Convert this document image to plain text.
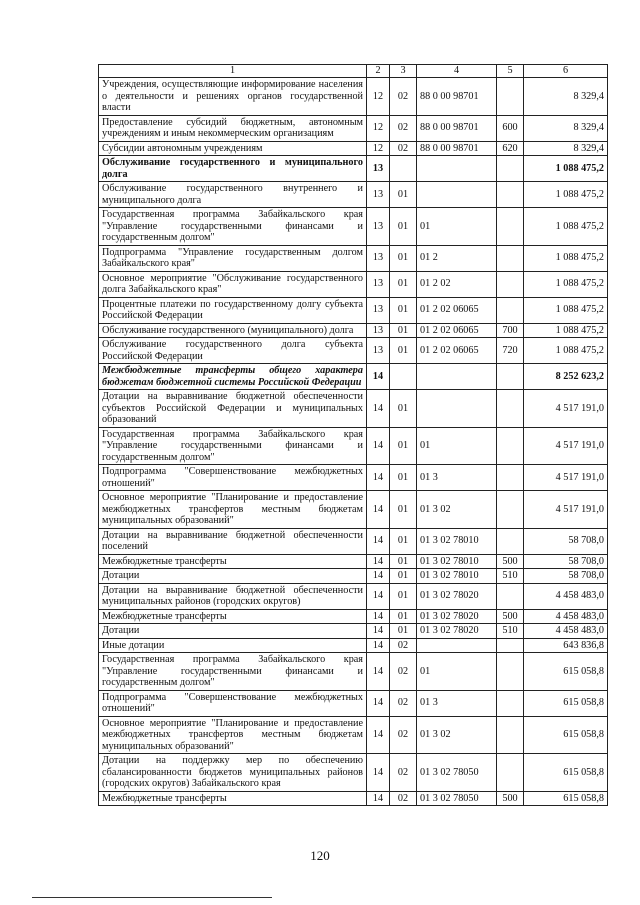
1	2	3	4	5	6
Учреждения, осуществляющие информирование населения о деятельности и решениях органов государственной власти	12	02	88 0 00 98701		8 329,4
Предоставление субсидий бюджетным, автономным учреждениям и иным некоммерческим организациям	12	02	88 0 00 98701	600	8 329,4
Субсидии автономным учреждениям	12	02	88 0 00 98701	620	8 329,4
Обслуживание государственного и муниципального долга	13				1 088 475,2
Обслуживание государственного внутреннего и муниципального долга	13	01			1 088 475,2
Государственная программа Забайкальского края "Управление государственными финансами и государственным долгом"	13	01	01		1 088 475,2
Подпрограмма "Управление государственным долгом Забайкальского края"	13	01	01 2		1 088 475,2
Основное мероприятие "Обслуживание государственного долга Забайкальского края"	13	01	01 2 02		1 088 475,2
Процентные платежи по государственному долгу субъекта Российской Федерации	13	01	01 2 02 06065		1 088 475,2
Обслуживание государственного (муниципального) долга	13	01	01 2 02 06065	700	1 088 475,2
Обслуживание государственного долга субъекта Российской Федерации	13	01	01 2 02 06065	720	1 088 475,2
Межбюджетные трансферты общего характера бюджетам бюджетной системы Российской Федерации	14				8 252 623,2
Дотации на выравнивание бюджетной обеспеченности субъектов Российской Федерации и муниципальных образований	14	01			4 517 191,0
Государственная программа Забайкальского края "Управление государственными финансами и государственным долгом"	14	01	01		4 517 191,0
Подпрограмма "Совершенствование межбюджетных отношений"	14	01	01 3		4 517 191,0
Основное мероприятие "Планирование и предоставление межбюджетных трансфертов местным бюджетам муниципальных образований"	14	01	01 3 02		4 517 191,0
Дотации на выравнивание бюджетной обеспеченности поселений	14	01	01 3 02 78010		58 708,0
Межбюджетные трансферты	14	01	01 3 02 78010	500	58 708,0
Дотации	14	01	01 3 02 78010	510	58 708,0
Дотации на выравнивание бюджетной обеспеченности муниципальных районов (городских округов)	14	01	01 3 02 78020		4 458 483,0
Межбюджетные трансферты	14	01	01 3 02 78020	500	4 458 483,0
Дотации	14	01	01 3 02 78020	510	4 458 483,0
Иные дотации	14	02			643 836,8
Государственная программа Забайкальского края "Управление государственными финансами и государственным долгом"	14	02	01		615 058,8
Подпрограмма "Совершенствование межбюджетных отношений"	14	02	01 3		615 058,8
Основное мероприятие "Планирование и предоставление межбюджетных трансфертов местным бюджетам муниципальных образований"	14	02	01 3 02		615 058,8
Дотации на поддержку мер по обеспечению сбалансированности бюджетов муниципальных районов (городских округов) Забайкальского края	14	02	01 3 02 78050		615 058,8
Межбюджетные трансферты	14	02	01 3 02 78050	500	615 058,8
120
